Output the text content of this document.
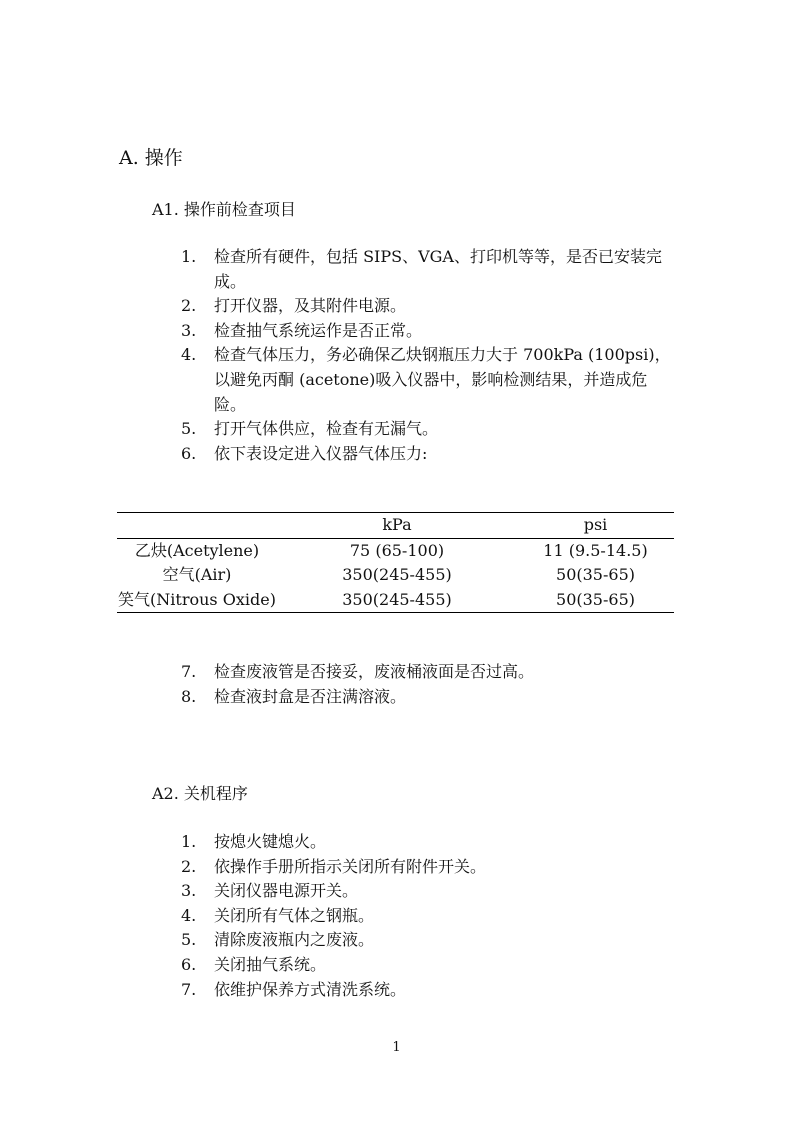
A. 操作
A1. 操作前检查项目
1. 检查所有硬件，包括 SIPS、VGA、打印机等等，是否已安装完成。
2. 打开仪器，及其附件电源。
3. 检查抽气系统运作是否正常。
4. 检查气体压力，务必确保乙炔钢瓶压力大于 700kPa (100psi)，以避免丙酮 (acetone)吸入仪器中，影响检测结果，并造成危险。
5. 打开气体供应，检查有无漏气。
6. 依下表设定进入仪器气体压力:
	kPa	psi
乙炔(Acetylene)	75 (65-100)	11 (9.5-14.5)
空气(Air)	350(245-455)	50(35-65)
笑气(Nitrous Oxide)	350(245-455)	50(35-65)
7. 检查废液管是否接妥，废液桶液面是否过高。
8. 检查液封盒是否注满溶液。
A2. 关机程序
1. 按熄火键熄火。
2. 依操作手册所指示关闭所有附件开关。
3. 关闭仪器电源开关。
4. 关闭所有气体之钢瓶。
5. 清除废液瓶内之废液。
6. 关闭抽气系统。
7. 依维护保养方式清洗系统。
1
